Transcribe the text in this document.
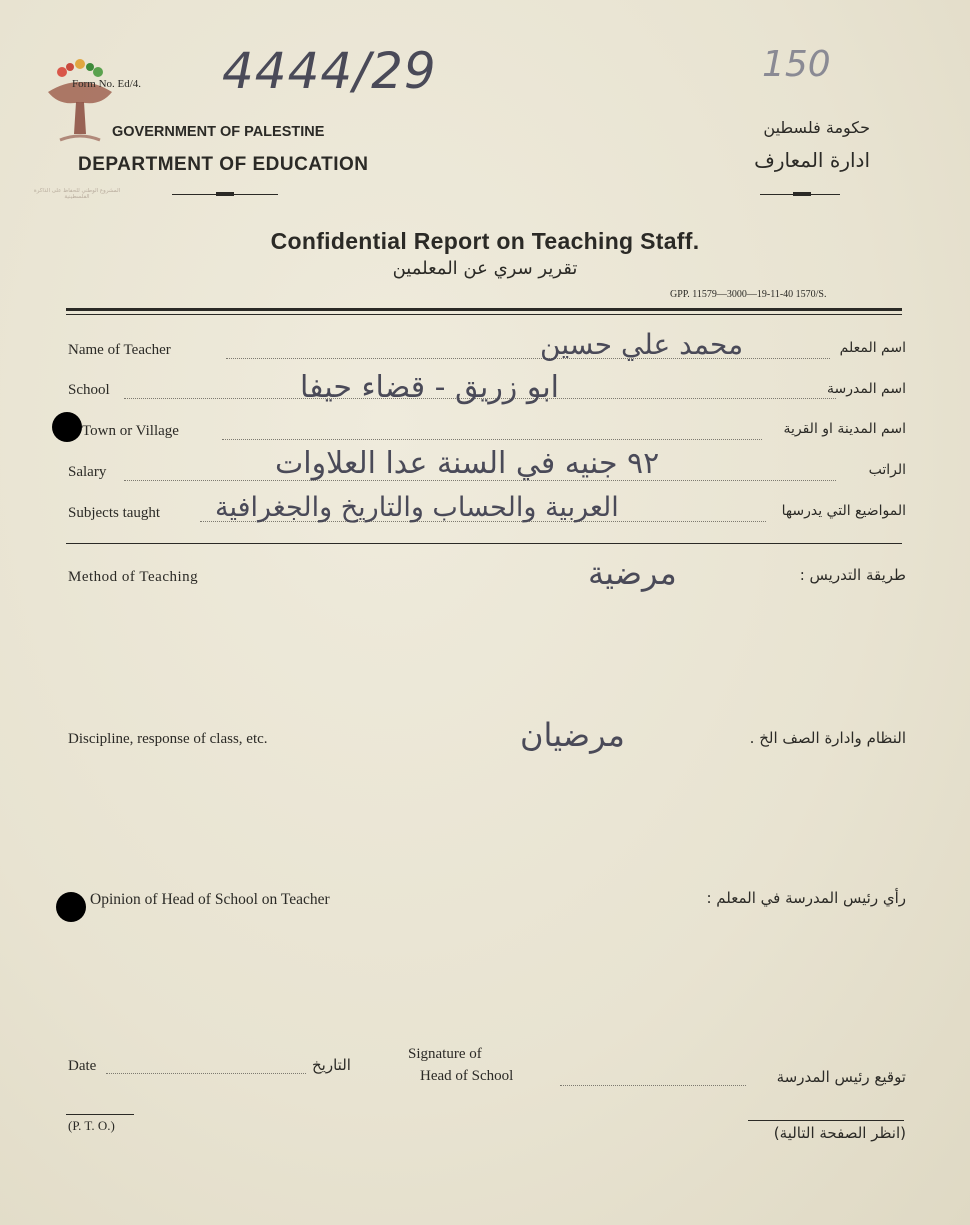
المشروع الوطني للحفاظ على الذاكرة الفلسطينية
Form No. Ed/4. 4444/29	150
GOVERNMENT OF PALESTINE
DEPARTMENT OF EDUCATION
حكومة فلسطين
ادارة المعارف
Confidential Report on Teaching Staff.
تقرير سري عن المعلمين
GPP. 11579—3000—19-11-40 1570/S.
Name of Teacher	محمد علي حسين	اسم المعلم
School	ابو زريق - قضاء حيفا	اسم المدرسة
Town or Village	اسم المدينة او القرية
Salary	٩٢ جنيه في السنة عدا العلاوات	الراتب
Subjects taught العربية والحساب والتاريخ والجغرافية	المواضيع التي يدرسها
Method of Teaching	مرضية	طريقة التدريس :
Discipline, response of class, etc.	مرضيان	النظام وادارة الصف الخ .
Opinion of Head of School on Teacher	رأي رئيس المدرسة في المعلم :
Date	التاريخ
Signature of
Head of School	توقيع رئيس المدرسة
(P. T. O.)	(انظر الصفحة التالية)
